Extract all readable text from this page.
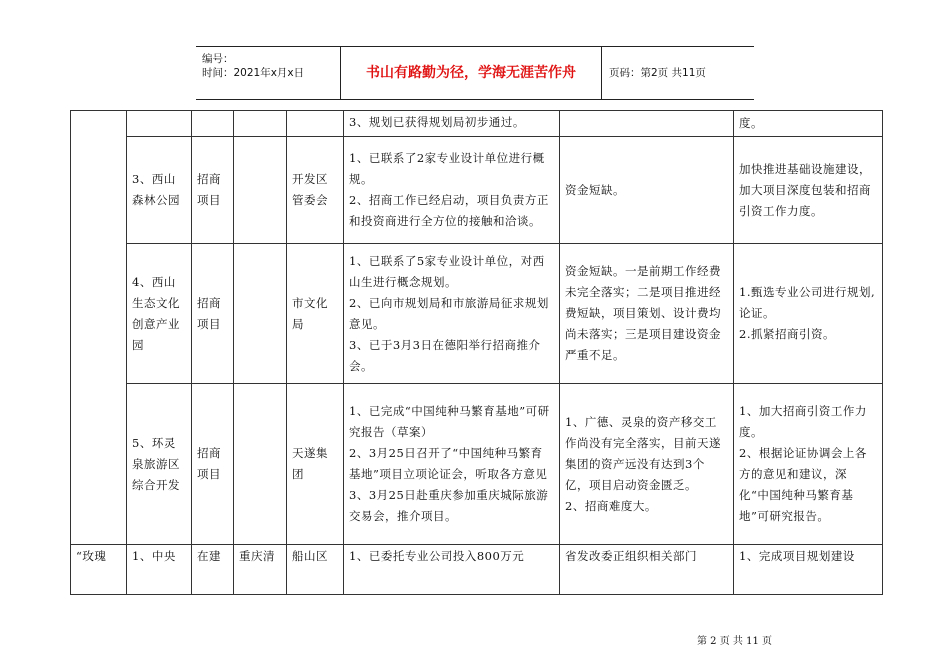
编号：
时间：2021年x月x日	书山有路勤为径，学海无涯苦作舟	页码：第2页 共11页
					3、规划已获得规划局初步通过。		度。
	3、西山森林公园	招商项目		开发区管委会	1、已联系了2家专业设计单位进行概规。
2、招商工作已经启动，项目负责方正和投资商进行全方位的接触和洽谈。	资金短缺。	加快推进基础设施建设，加大项目深度包装和招商引资工作力度。
	4、西山生态文化创意产业园	招商项目		市文化局	1、已联系了5家专业设计单位，对西山生进行概念规划。
2、已向市规划局和市旅游局征求规划意见。
3、已于3月3日在德阳举行招商推介会。	资金短缺。一是前期工作经费未完全落实；二是项目推进经费短缺，项目策划、设计费均尚未落实；三是项目建设资金严重不足。	1.甄选专业公司进行规划,论证。
2.抓紧招商引资。
	5、环灵泉旅游区综合开发	招商项目		天遂集团	1、已完成“中国纯种马繁育基地”可研究报告（草案）
2、3月25日召开了“中国纯种马繁育基地”项目立项论证会，听取各方意见
3、3月25日赴重庆参加重庆城际旅游交易会，推介项目。	1、广德、灵泉的资产移交工作尚没有完全落实，目前天遂集团的资产远没有达到3个亿，项目启动资金匮乏。
2、招商难度大。	1、加大招商引资工作力度。
2、根据论证协调会上各方的意见和建议，深化“中国纯种马繁育基地”可研究报告。
“玫瑰	1、中央	在建	重庆清	船山区	1、已委托专业公司投入800万元	省发改委正组织相关部门	1、完成项目规划建设
第 2 页 共 11 页
